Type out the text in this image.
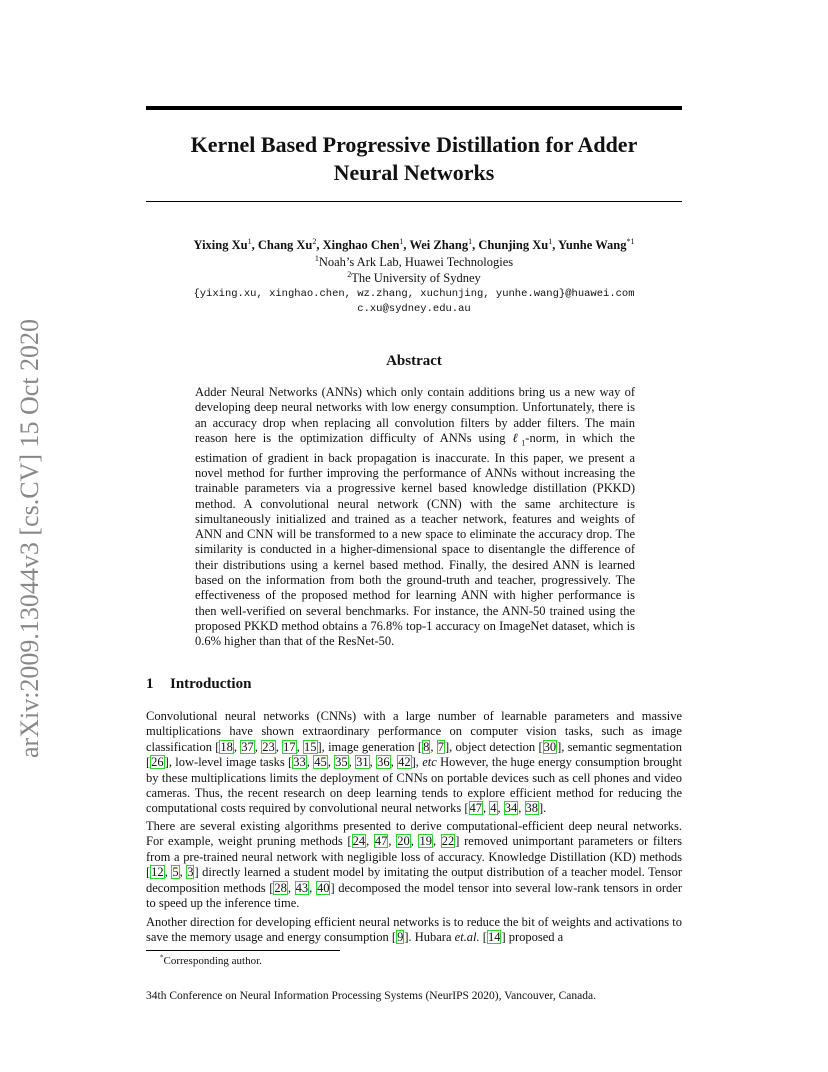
arXiv:2009.13044v3 [cs.CV] 15 Oct 2020
Kernel Based Progressive Distillation for Adder
Neural Networks
Yixing Xu$^1$, Chang Xu$^2$, Xinghao Chen$^1$, Wei Zhang$^1$, Chunjing Xu$^1$, Yunhe Wang$^{*1}$
$^1$Noah’s Ark Lab, Huawei Technologies
$^2$The University of Sydney
{yixing.xu, xinghao.chen, wz.zhang, xuchunjing, yunhe.wang}@huawei.com
c.xu@sydney.edu.au
Abstract
Adder Neural Networks (ANNs) which only contain additions bring us a new way of developing deep neural networks with low energy consumption. Unfortunately, there is an accuracy drop when replacing all convolution filters by adder filters. The main reason here is the optimization difficulty of ANNs using ℓ$_1$-norm, in which the estimation of gradient in back propagation is inaccurate. In this paper, we present a novel method for further improving the performance of ANNs without increasing the trainable parameters via a progressive kernel based knowledge distillation (PKKD) method. A convolutional neural network (CNN) with the same architecture is simultaneously initialized and trained as a teacher network, features and weights of ANN and CNN will be transformed to a new space to eliminate the accuracy drop. The similarity is conducted in a higher-dimensional space to disentangle the difference of their distributions using a kernel based method. Finally, the desired ANN is learned based on the information from both the ground-truth and teacher, progressively. The effectiveness of the proposed method for learning ANN with higher performance is then well-verified on several benchmarks. For instance, the ANN-50 trained using the proposed PKKD method obtains a 76.8% top-1 accuracy on ImageNet dataset, which is 0.6% higher than that of the ResNet-50.
1 Introduction
Convolutional neural networks (CNNs) with a large number of learnable parameters and massive multiplications have shown extraordinary performance on computer vision tasks, such as image classification [18, 37, 23, 17, 15], image generation [8, 7], object detection [30], semantic segmentation [26], low-level image tasks [33, 45, 35, 31, 36, 42], etc However, the huge energy consumption brought by these multiplications limits the deployment of CNNs on portable devices such as cell phones and video cameras. Thus, the recent research on deep learning tends to explore efficient method for reducing the computational costs required by convolutional neural networks [47, 4, 34, 38].
There are several existing algorithms presented to derive computational-efficient deep neural networks. For example, weight pruning methods [24, 47, 20, 19, 22] removed unimportant parameters or filters from a pre-trained neural network with negligible loss of accuracy. Knowledge Distillation (KD) methods [12, 5, 3] directly learned a student model by imitating the output distribution of a teacher model. Tensor decomposition methods [28, 43, 40] decomposed the model tensor into several low-rank tensors in order to speed up the inference time.
Another direction for developing efficient neural networks is to reduce the bit of weights and activations to save the memory usage and energy consumption [9]. Hubara et.al. [14] proposed a
*Corresponding author.
34th Conference on Neural Information Processing Systems (NeurIPS 2020), Vancouver, Canada.
